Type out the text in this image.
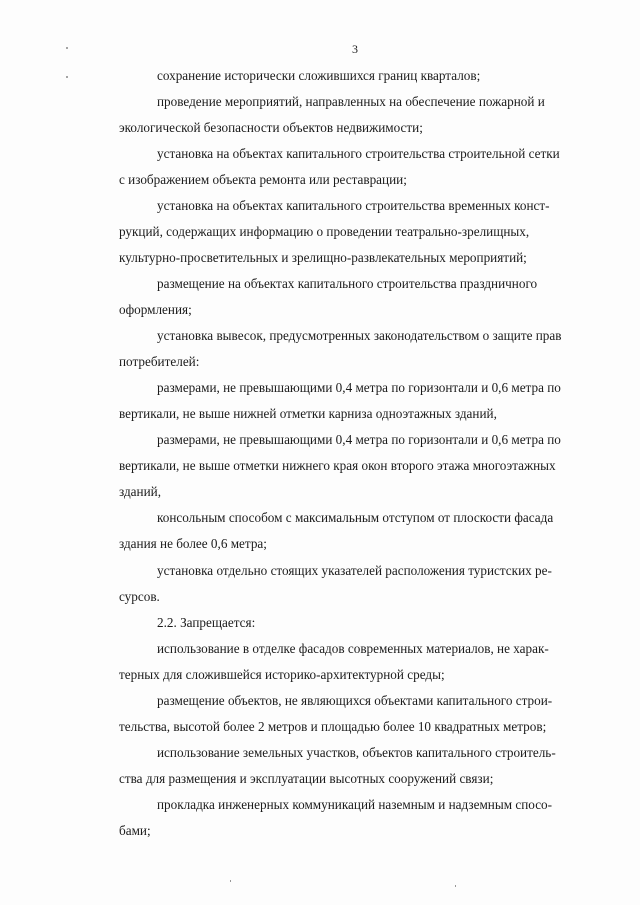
3
сохранение исторически сложившихся границ кварталов;
проведение мероприятий, направленных на обеспечение пожарной и
экологической безопасности объектов недвижимости;
установка на объектах капитального строительства строительной сетки
с изображением объекта ремонта или реставрации;
установка на объектах капитального строительства временных конст-
рукций, содержащих информацию о проведении театрально-зрелищных,
культурно-просветительных и зрелищно-развлекательных мероприятий;
размещение на объектах капитального строительства праздничного
оформления;
установка вывесок, предусмотренных законодательством о защите прав
потребителей:
размерами, не превышающими 0,4 метра по горизонтали и 0,6 метра по
вертикали, не выше нижней отметки карниза одноэтажных зданий,
размерами, не превышающими 0,4 метра по горизонтали и 0,6 метра по
вертикали, не выше отметки нижнего края окон второго этажа многоэтажных
зданий,
консольным способом с максимальным отступом от плоскости фасада
здания не более 0,6 метра;
установка отдельно стоящих указателей расположения туристских ре-
сурсов.
2.2. Запрещается:
использование в отделке фасадов современных материалов, не харак-
терных для сложившейся историко-архитектурной среды;
размещение объектов, не являющихся объектами капитального строи-
тельства, высотой более 2 метров и площадью более 10 квадратных метров;
использование земельных участков, объектов капитального строитель-
ства для размещения и эксплуатации высотных сооружений связи;
прокладка инженерных коммуникаций наземным и надземным спосо-
бами;
